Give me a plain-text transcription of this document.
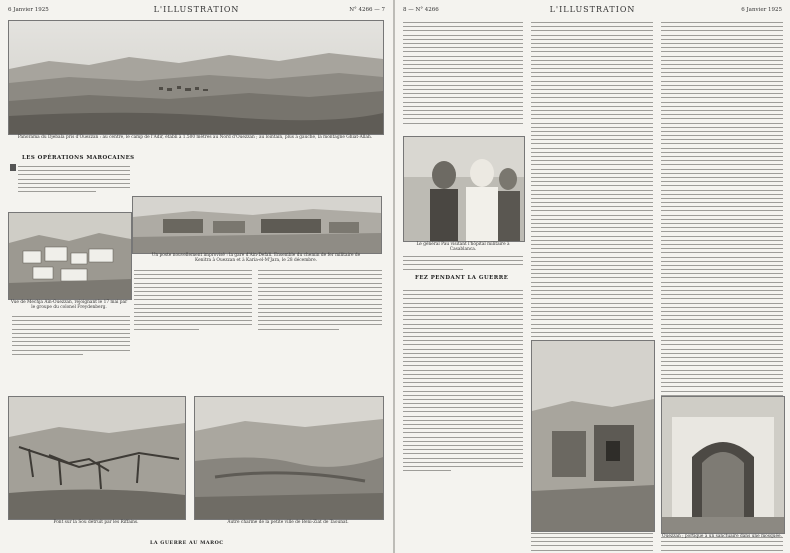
6 Janvier 1925	L'ILLUSTRATION	N° 4266 — 7
Panorama du Djebala pris d'Ouezzan : au centre, le camp de l'Adir, établi à 1.500 mètres au Nord d'Ouezzan ; au lointain, plus à gauche, la montagne Ghiat-Allah.
LES OPÉRATIONS MAROCAINES
Un poste nouvellement improvisé : la gare d'Ain-Defali. Ensemble du chemin de fer militaire de Kenitra à Ouezzan et à Karia-el-M'Jara, le 28 décembre.
Vue de Mechja Ain-Ouezzan, rejoignant le 17 mai par le groupe du colonel Freydenberg.
Pont sur la Sou détruit par les Riffains.	Autre charme de la petite ville de Beni-Ziat de Taounat.
LA GUERRE AU MAROC
8 — N° 4266	L'ILLUSTRATION	6 Janvier 1925
Le général Pau visitant l'hôpital militaire à Casablanca.
FEZ PENDANT LA GUERRE
Ouezzan ; portique à un sanctuaire dans une mosquée.
